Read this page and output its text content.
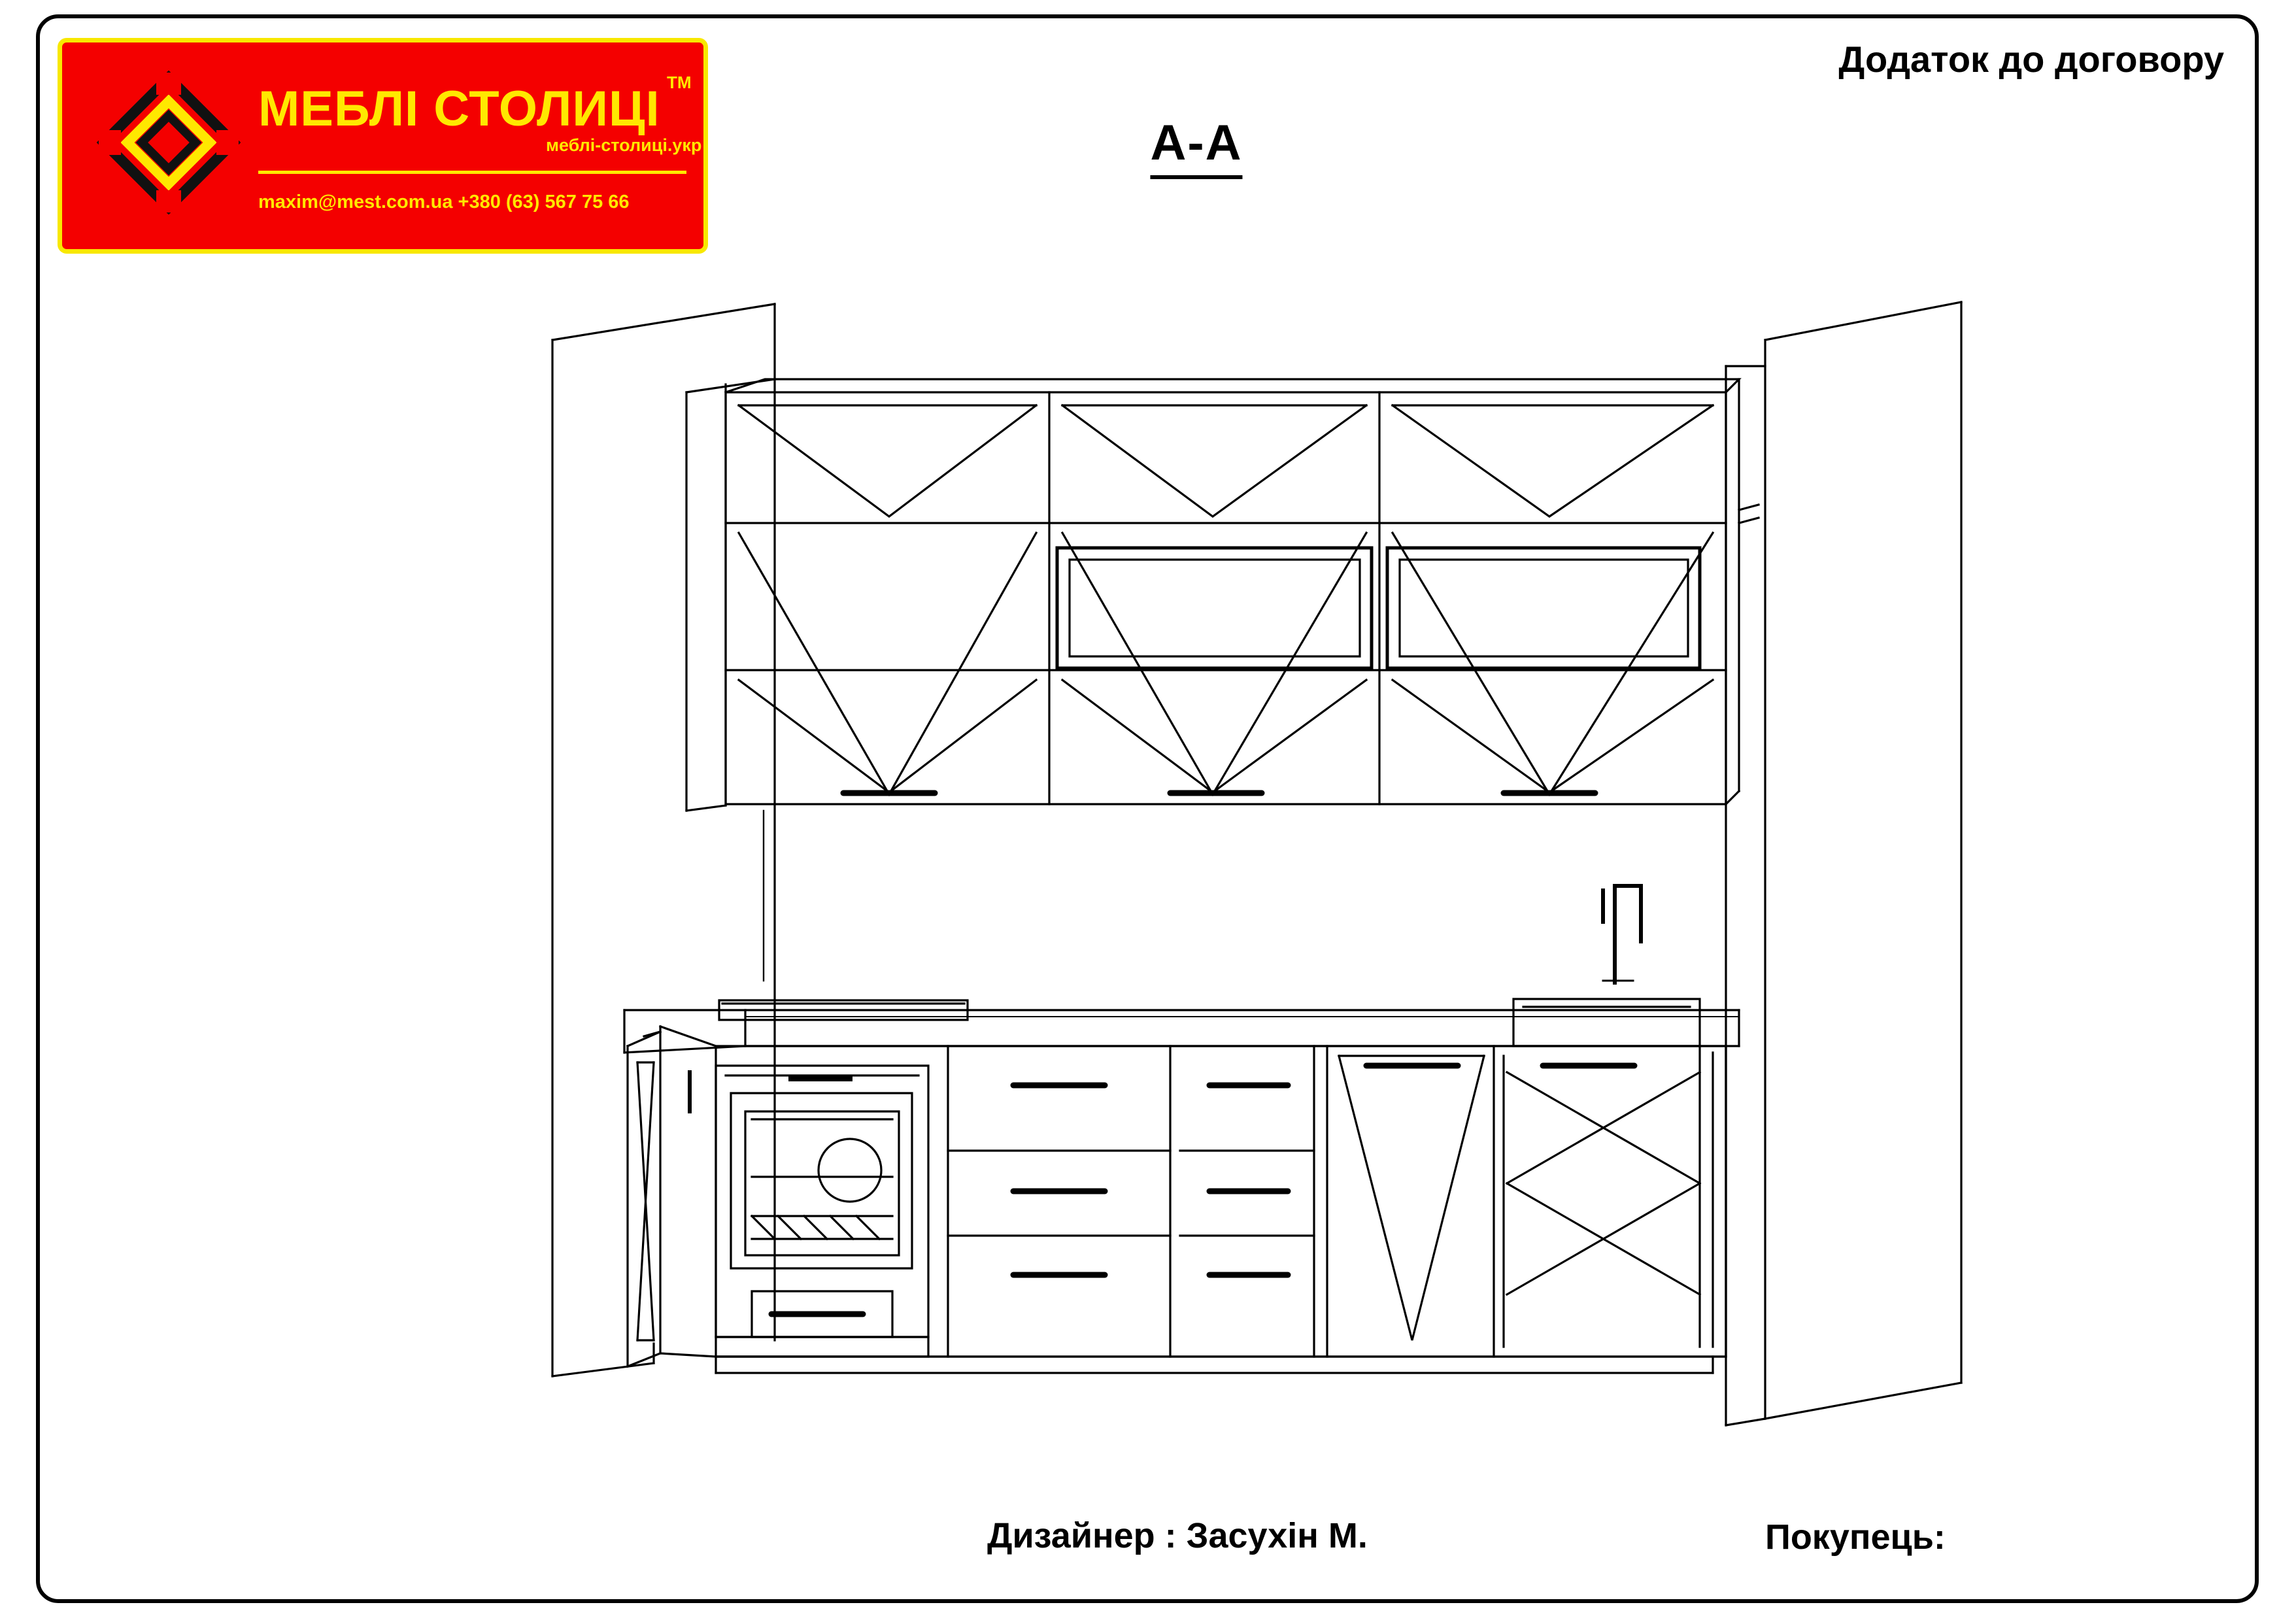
МЕБЛІ СТОЛИЦІ TM
меблі-столиці.укр
maxim@mest.com.ua +380 (63) 567 75 66
Додаток до договору
A-A
Дизайнер : Засухін М.	Покупець:
